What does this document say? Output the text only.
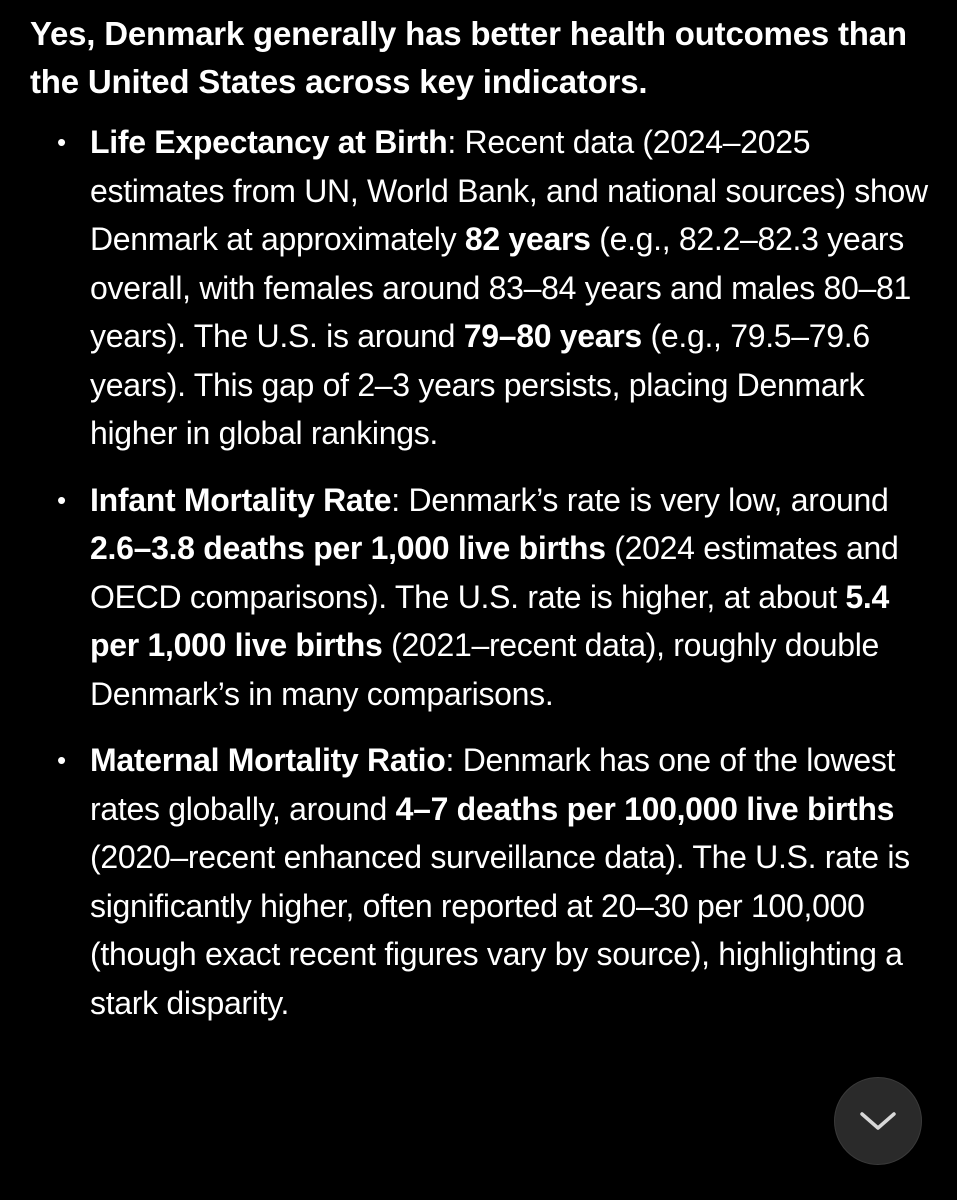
Yes, Denmark generally has better health outcomes than the United States across key indicators.

• Life Expectancy at Birth: Recent data (2024–2025 estimates from UN, World Bank, and national sources) show Denmark at approximately 82 years (e.g., 82.2–82.3 years overall, with females around 83–84 years and males 80–81 years). The U.S. is around 79–80 years (e.g., 79.5–79.6 years). This gap of 2–3 years persists, placing Denmark higher in global rankings.
• Infant Mortality Rate: Denmark’s rate is very low, around 2.6–3.8 deaths per 1,000 live births (2024 estimates and OECD comparisons). The U.S. rate is higher, at about 5.4 per 1,000 live births (2021–recent data), roughly double Denmark’s in many comparisons.
• Maternal Mortality Ratio: Denmark has one of the lowest rates globally, around 4–7 deaths per 100,000 live births (2020–recent enhanced surveillance data). The U.S. rate is significantly higher, often reported at 20–30 per 100,000 (though exact recent figures vary by source), highlighting a stark disparity.
